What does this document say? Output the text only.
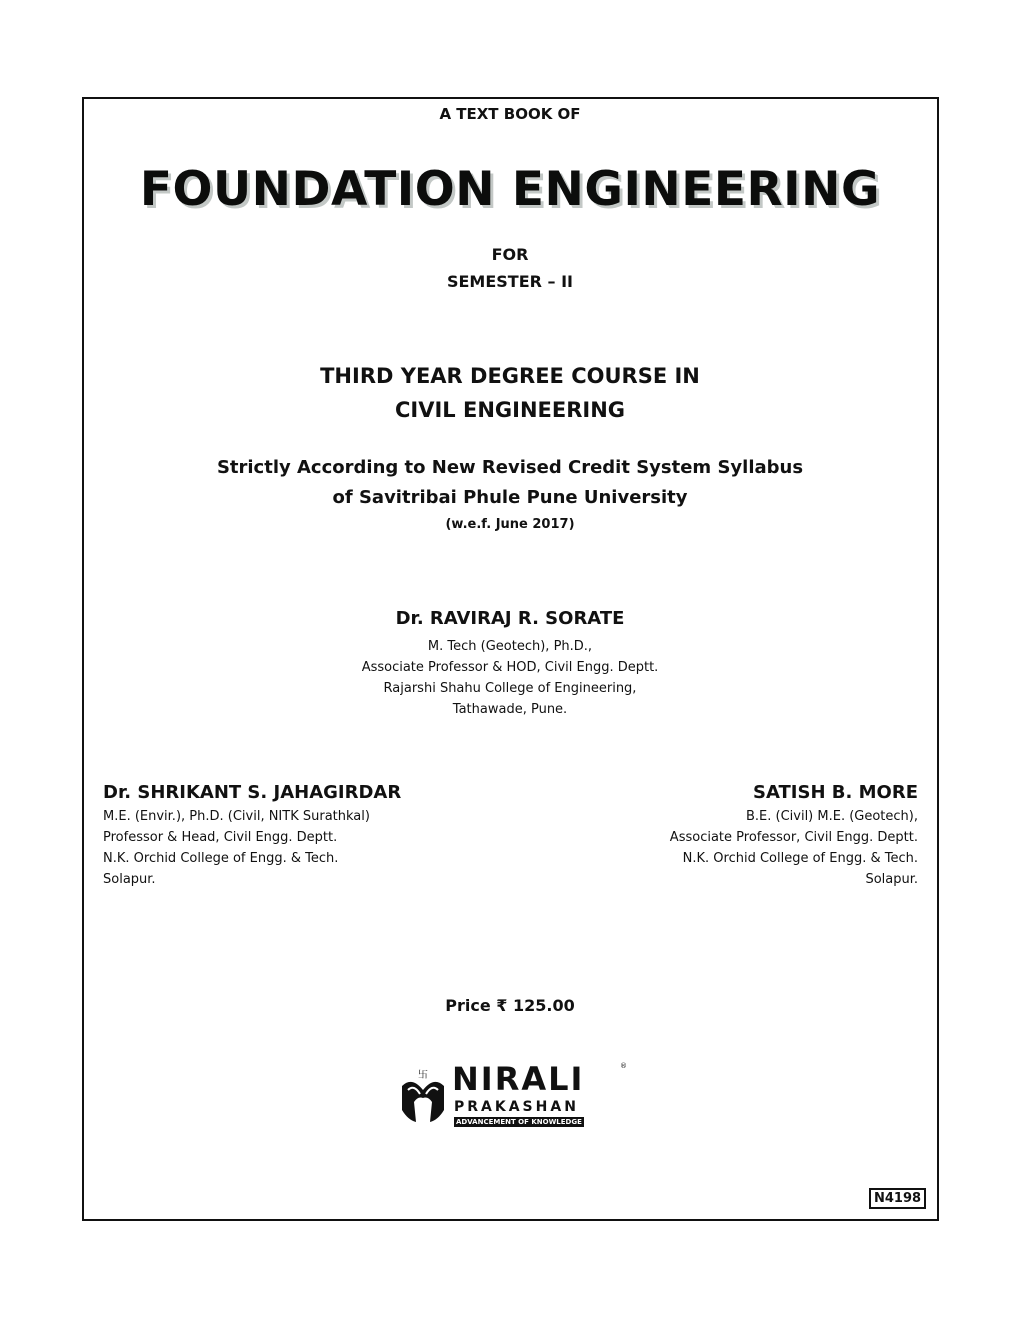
A TEXT BOOK OF
FOUNDATION ENGINEERING
FOR
SEMESTER – II
THIRD YEAR DEGREE COURSE IN
CIVIL ENGINEERING
Strictly According to New Revised Credit System Syllabus
of Savitribai Phule Pune University
(w.e.f. June 2017)
Dr. RAVIRAJ R. SORATE
M. Tech (Geotech), Ph.D.,
Associate Professor & HOD, Civil Engg. Deptt.
Rajarshi Shahu College of Engineering,
Tathawade, Pune.
Dr. SHRIKANT S. JAHAGIRDAR
M.E. (Envir.), Ph.D. (Civil, NITK Surathkal)
Professor & Head, Civil Engg. Deptt.
N.K. Orchid College of Engg. & Tech.
Solapur.
SATISH B. MORE
B.E. (Civil) M.E. (Geotech),
Associate Professor, Civil Engg. Deptt.
N.K. Orchid College of Engg. & Tech.
Solapur.
Price ₹ 125.00
卐 NIRALI
PRAKASHAN
ADVANCEMENT OF KNOWLEDGE
®
N4198
